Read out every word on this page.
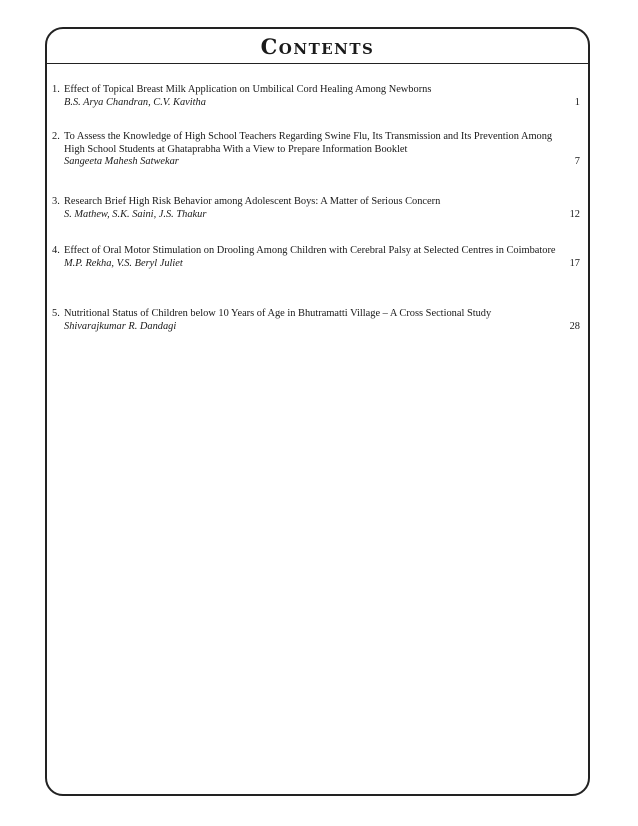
Contents
1. Effect of Topical Breast Milk Application on Umbilical Cord Healing Among Newborns
B.S. Arya Chandran, C.V. Kavitha	1
2. To Assess the Knowledge of High School Teachers Regarding Swine Flu, Its Transmission and Its Prevention Among High School Students at Ghataprabha With a View to Prepare Information Booklet
Sangeeta Mahesh Satwekar	7
3. Research Brief High Risk Behavior among Adolescent Boys: A Matter of Serious Concern
S. Mathew, S.K. Saini, J.S. Thakur	12
4. Effect of Oral Motor Stimulation on Drooling Among Children with Cerebral Palsy at Selected Centres in Coimbatore
M.P. Rekha, V.S. Beryl Juliet	17
5. Nutritional Status of Children below 10 Years of Age in Bhutramatti Village – A Cross Sectional Study
Shivarajkumar R. Dandagi	28
